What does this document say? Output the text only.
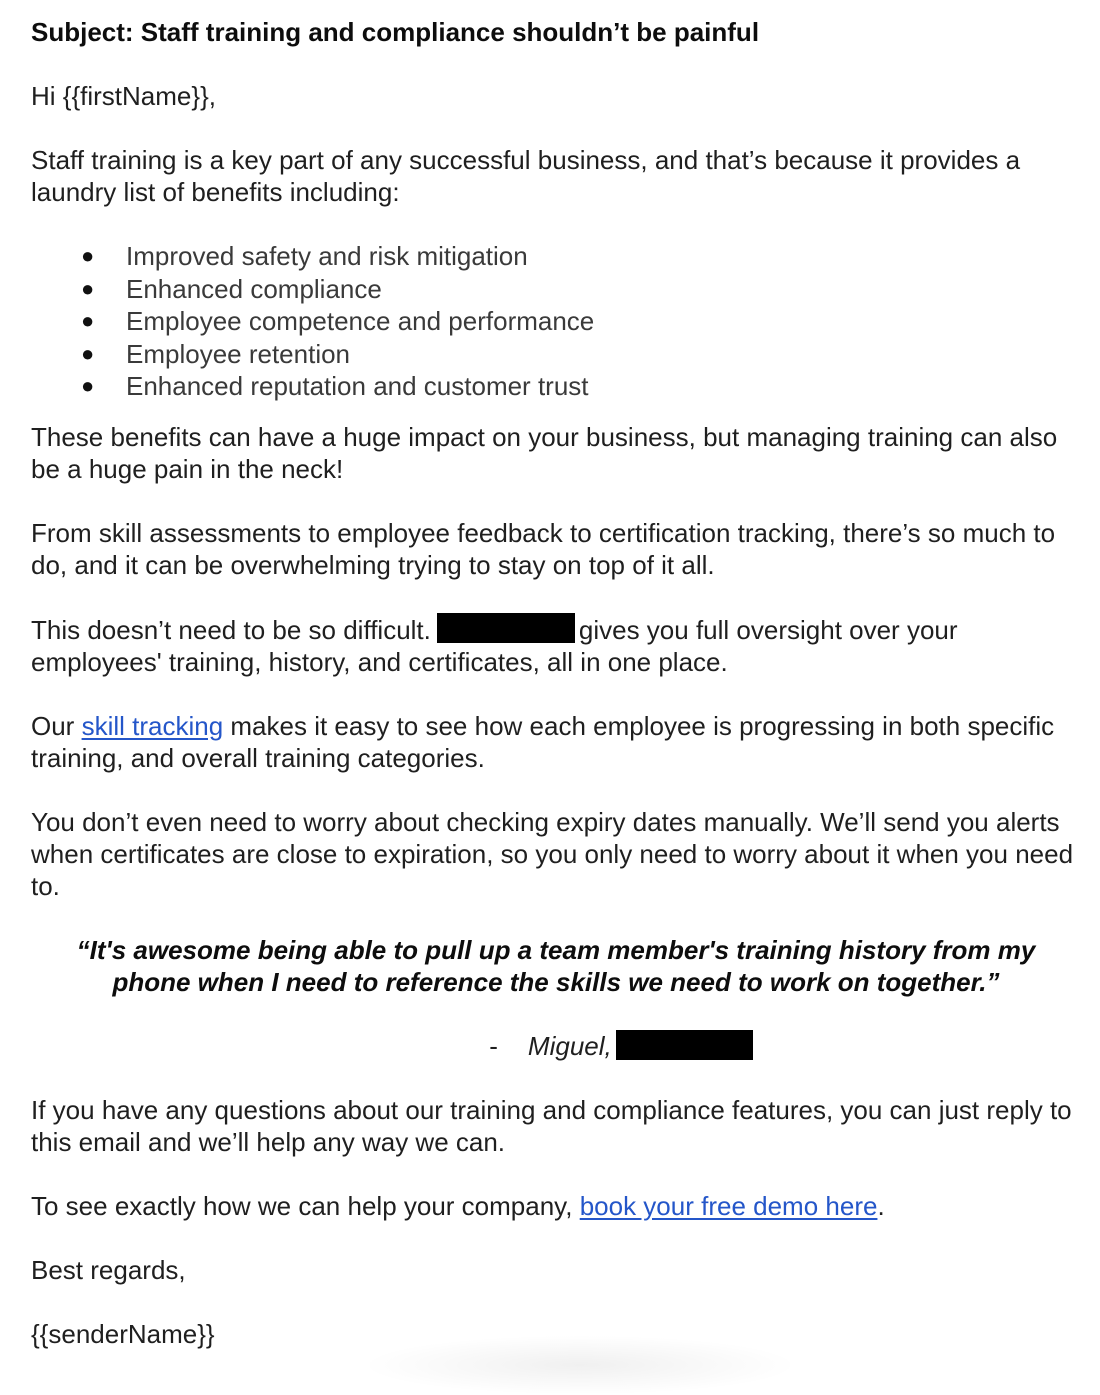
Subject: Staff training and compliance shouldn’t be painful

Hi {{firstName}},

Staff training is a key part of any successful business, and that’s because it provides a laundry list of benefits including:

● Improved safety and risk mitigation
● Enhanced compliance
● Employee competence and performance
● Employee retention
● Enhanced reputation and customer trust

These benefits can have a huge impact on your business, but managing training can also be a huge pain in the neck!

From skill assessments to employee feedback to certification tracking, there’s so much to do, and it can be overwhelming trying to stay on top of it all.

This doesn’t need to be so difficult.	gives you full oversight over your employees' training, history, and certificates, all in one place.

Our skill tracking makes it easy to see how each employee is progressing in both specific training, and overall training categories.

You don’t even need to worry about checking expiry dates manually. We’ll send you alerts when certificates are close to expiration, so you only need to worry about it when you need to.

“It's awesome being able to pull up a team member's training history from my phone when I need to reference the skills we need to work on together.”
- Miguel,

If you have any questions about our training and compliance features, you can just reply to this email and we’ll help any way we can.

To see exactly how we can help your company, book your free demo here.

Best regards,

{{senderName}}
